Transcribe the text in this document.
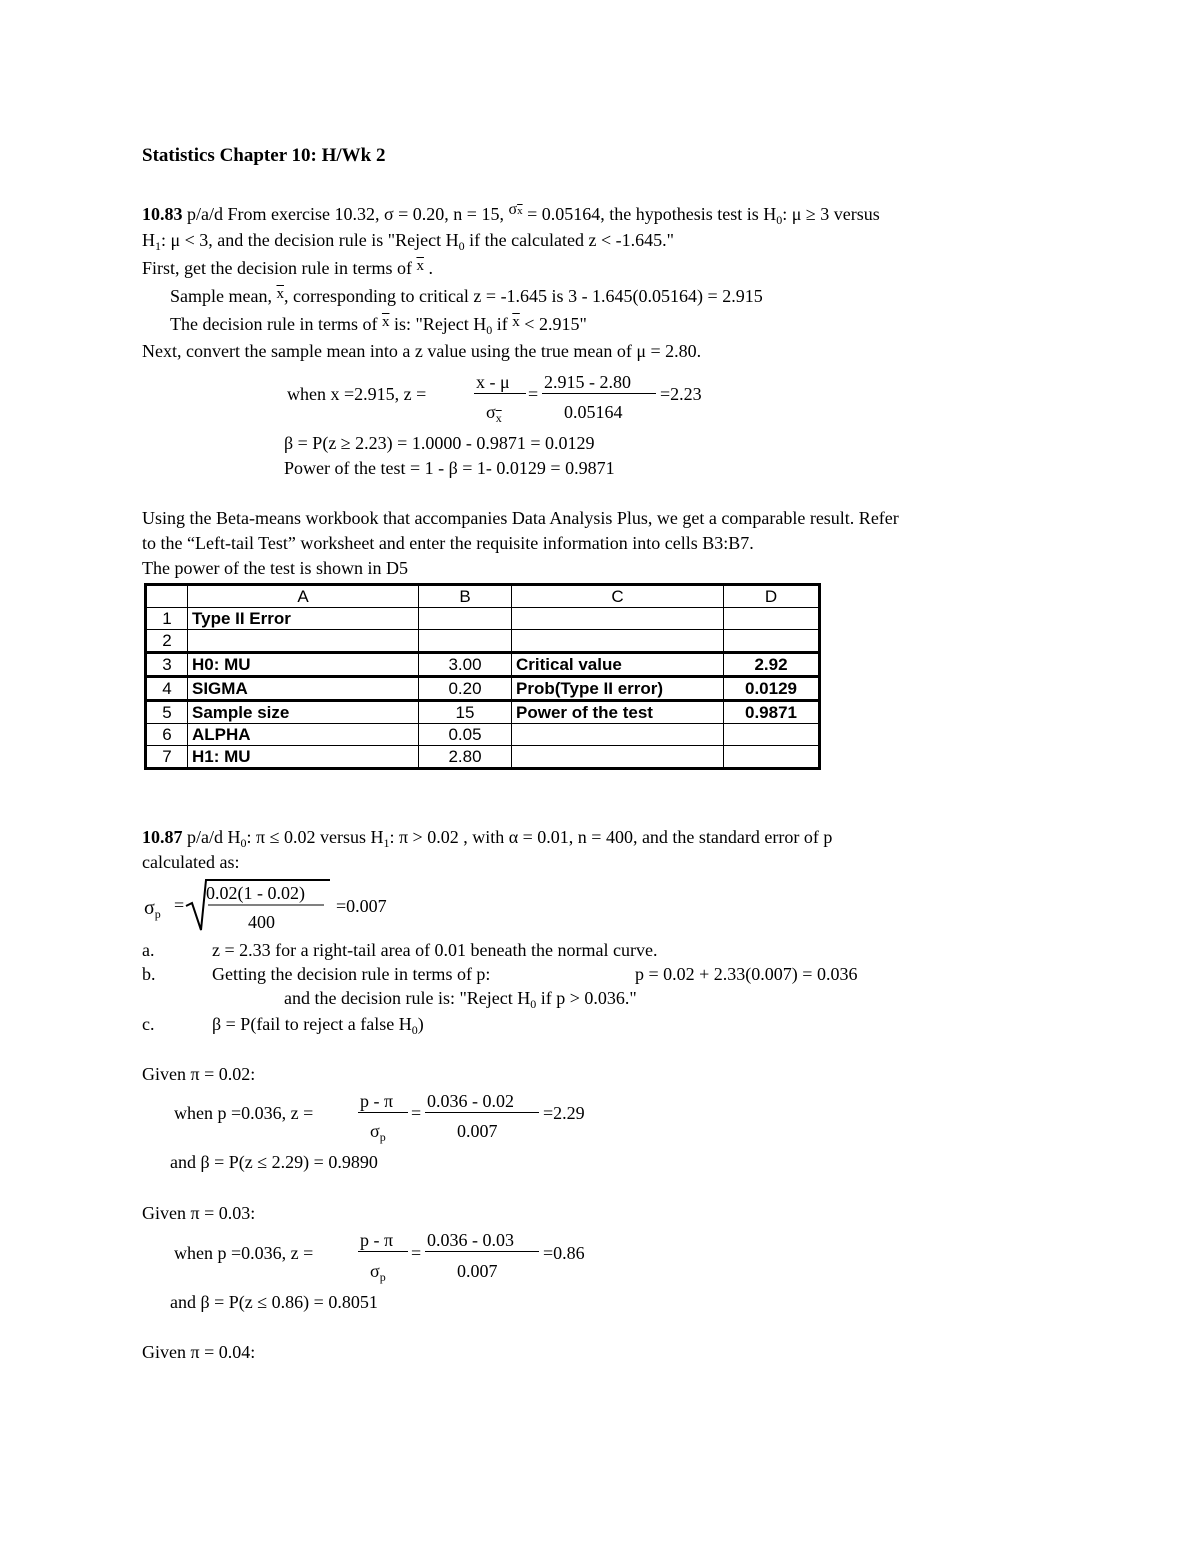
Statistics Chapter 10: H/Wk 2
10.83 p/a/d From exercise 10.32, σ = 0.20, n = 15, $\sigma\overline{x} = 0.05164$, the hypothesis test is $H_0$: μ ≥ 3 versus
$H_1$: μ < 3, and the decision rule is "Reject $H_0$ if the calculated z < -1.645."
First, get the decision rule in terms of $^{\overline{x}}$ .
Sample mean, $^{\overline{x}}$, corresponding to critical z = -1.645 is 3 - 1.645(0.05164) = 2.915
The decision rule in terms of $^{\overline{x}}$ is: "Reject $H_0$ if $^{\overline{x}}$ < 2.915"
Next, convert the sample mean into a z value using the true mean of μ = 2.80.
when x =2.915, z =
x - μ
$\sigma_{\overline{x}}$
=
2.915 - 2.80
0.05164
=2.23
β = P(z ≥ 2.23) = 1.0000 - 0.9871 = 0.0129
Power of the test = 1 - β = 1- 0.0129 = 0.9871
Using the Beta-means workbook that accompanies Data Analysis Plus, we get a comparable result. Refer
to the “Left-tail Test” worksheet and enter the requisite information into cells B3:B7.
The power of the test is shown in D5
	A	B	C	D
1	Type II Error			
2				
3	H0: MU	3.00	Critical value	2.92
4	SIGMA	0.20	Prob(Type II error)	0.0129
5	Sample size	15	Power of the test	0.9871
6	ALPHA	0.05		
7	H1: MU	2.80		
10.87 p/a/d $H_0$: π ≤ 0.02 versus $H_1$: π > 0.02 , with α = 0.01, n = 400, and the standard error of p
calculated as:
$\sigma_p$ =
0.02(1 - 0.02)
400
=0.007
a.	z = 2.33 for a right-tail area of 0.01 beneath the normal curve.
b.	Getting the decision rule in terms of p:	p = 0.02 + 2.33(0.007) = 0.036
and the decision rule is: "Reject $H_0$ if p > 0.036."
c.	β = P(fail to reject a false $H_0$)
Given π = 0.02:
when p =0.036, z =
p - π
$\sigma_p$
=
0.036 - 0.02
0.007
=2.29
and β = P(z ≤ 2.29) = 0.9890
Given π = 0.03:
when p =0.036, z =
p - π
$\sigma_p$
=
0.036 - 0.03
0.007
=0.86
and β = P(z ≤ 0.86) = 0.8051
Given π = 0.04:
